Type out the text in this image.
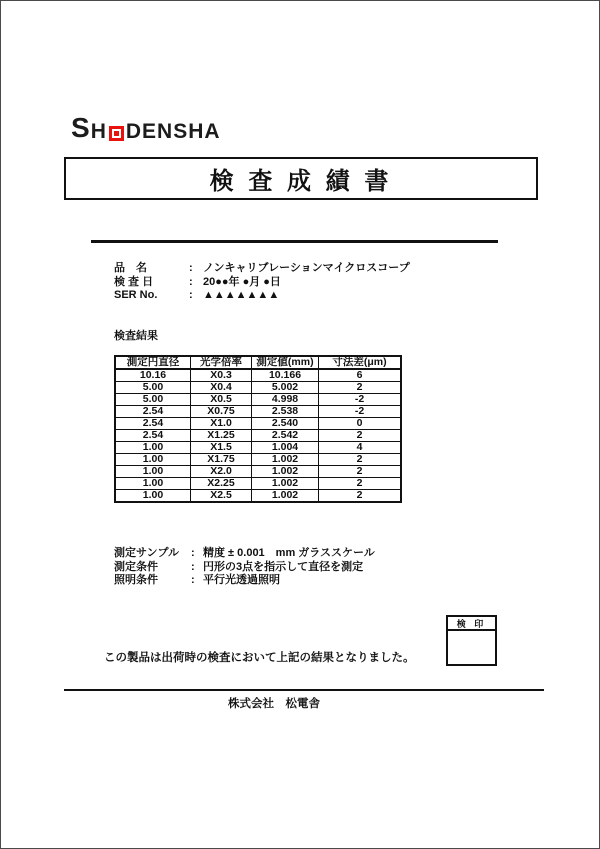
S H DENSHA
検 査 成 績 書
品　名	: ノンキャリブレーションマイクロスコープ
検 査 日	: 20●●年 ●月 ●日
SER No.	: ▲▲▲▲▲▲▲
検査結果
測定円直径	光学倍率	測定値(mm)	寸法差(μm)
10.16	X0.3	10.166	6
5.00	X0.4	5.002	2
5.00	X0.5	4.998	-2
2.54	X0.75	2.538	-2
2.54	X1.0	2.540	0
2.54	X1.25	2.542	2
1.00	X1.5	1.004	4
1.00	X1.75	1.002	2
1.00	X2.0	1.002	2
1.00	X2.25	1.002	2
1.00	X2.5	1.002	2
測定サンプル	: 精度 ± 0.001　mm ガラススケール
測定条件	: 円形の3点を指示して直径を測定
照明条件	: 平行光透過照明
検 印
この製品は出荷時の検査において上記の結果となりました。
株式会社　松電舎
